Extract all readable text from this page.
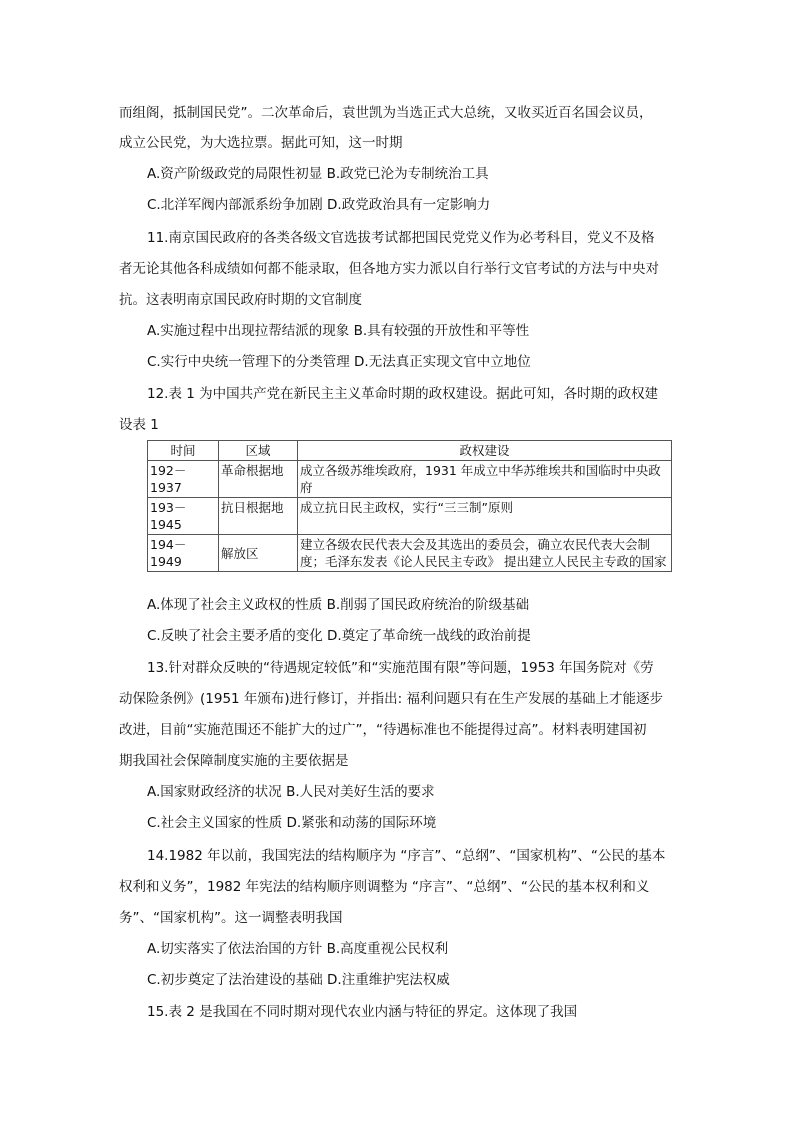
而组阁，抵制国民党”。二次革命后，袁世凯为当选正式大总统，又收买近百名国会议员，
成立公民党，为大选拉票。据此可知，这一时期
A.资产阶级政党的局限性初显 B.政党已沦为专制统治工具
C.北洋军阀内部派系纷争加剧 D.政党政治具有一定影响力
11.南京国民政府的各类各级文官选拔考试都把国民党党义作为必考科目，党义不及格
者无论其他各科成绩如何都不能录取，但各地方实力派以自行举行文官考试的方法与中央对
抗。这表明南京国民政府时期的文官制度
A.实施过程中出现拉帮结派的现象 B.具有较强的开放性和平等性
C.实行中央统一管理下的分类管理 D.无法真正实现文官中立地位
12.表 1 为中国共产党在新民主主义革命时期的政权建设。据此可知，各时期的政权建
设表 1
时间	区域	政权建设
192－1937	革命根据地	成立各级苏维埃政府，1931 年成立中华苏维埃共和国临时中央政府
193－1945	抗日根据地	成立抗日民主政权，实行“三三制”原则
194－1949	解放区	建立各级农民代表大会及其选出的委员会，确立农民代表大会制度；毛泽东发表《论人民民主专政》 提出建立人民民主专政的国家
A.体现了社会主义政权的性质 B.削弱了国民政府统治的阶级基础
C.反映了社会主要矛盾的变化 D.奠定了革命统一战线的政治前提
13.针对群众反映的“待遇规定较低”和“实施范围有限”等问题，1953 年国务院对《劳
动保险条例》(1951 年颁布)进行修订，并指出: 福利问题只有在生产发展的基础上才能逐步
改进，目前“实施范围还不能扩大的过广”，“待遇标准也不能提得过高”。材料表明建国初
期我国社会保障制度实施的主要依据是
A.国家财政经济的状况 B.人民对美好生活的要求
C.社会主义国家的性质 D.紧张和动荡的国际环境
14.1982 年以前，我国宪法的结构顺序为 “序言”、“总纲”、“国家机构”、“公民的基本
权利和义务”，1982 年宪法的结构顺序则调整为 “序言”、“总纲”、“公民的基本权利和义
务”、“国家机构”。这一调整表明我国
A.切实落实了依法治国的方针 B.高度重视公民权利
C.初步奠定了法治建设的基础 D.注重维护宪法权威
15.表 2 是我国在不同时期对现代农业内涵与特征的界定。这体现了我国
